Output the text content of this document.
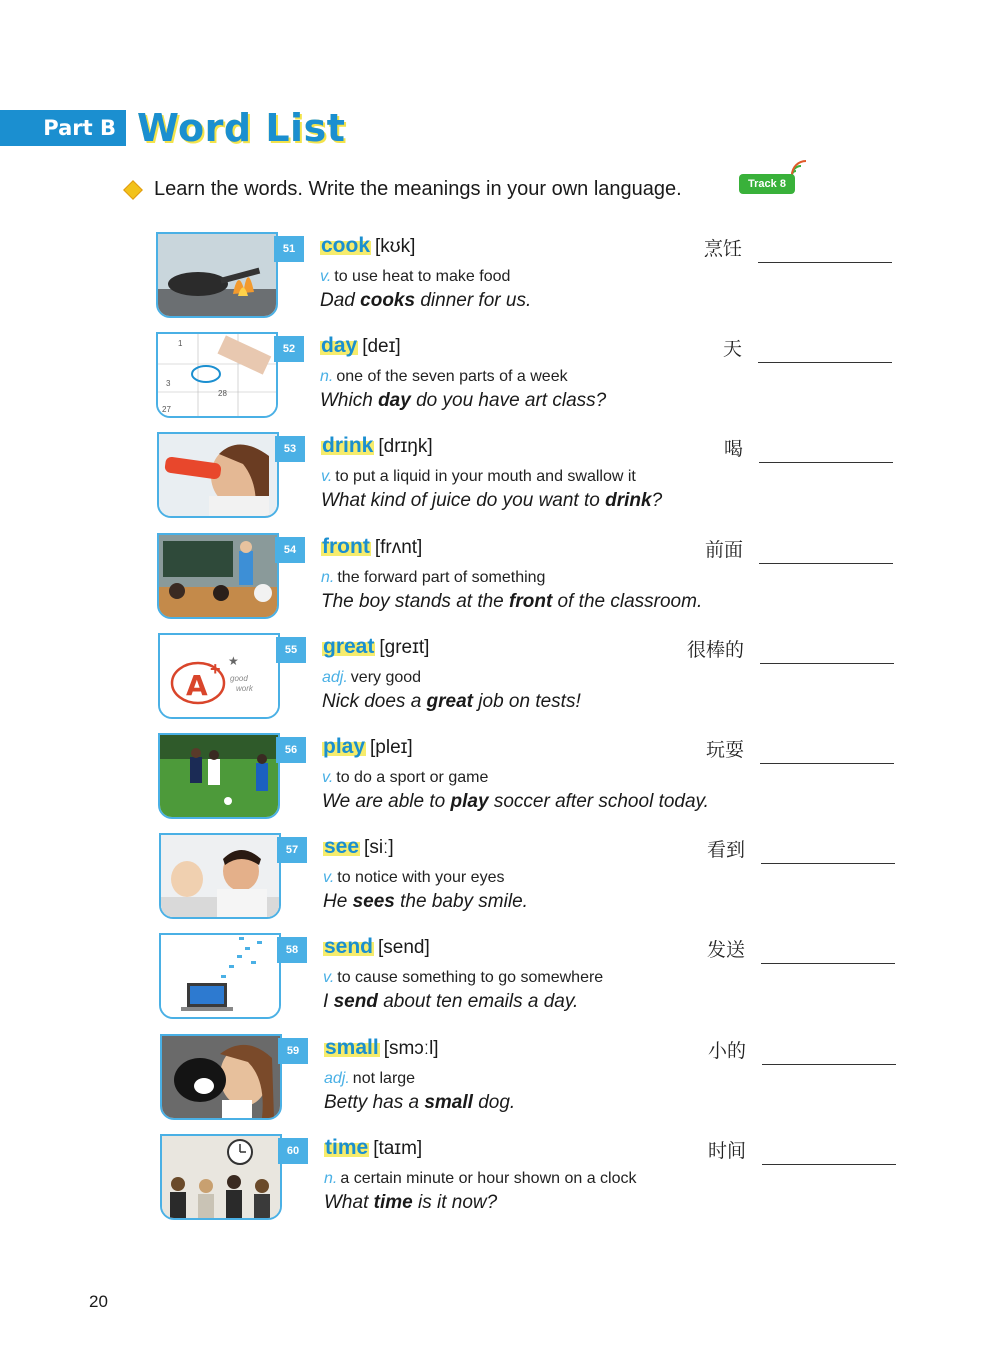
Part B Word List
Learn the words. Write the meanings in your own language.	Track 8
51	cook [kʊk]
v. to use heat to make food
Dad cooks dinner for us.
烹饪
1
3
28
27
52	day [deɪ]
n. one of the seven parts of a week
Which day do you have art class?
天
53	drink [drɪŋk]
v. to put a liquid in your mouth and swallow it
What kind of juice do you want to drink?
喝
54	front [frʌnt]
n. the forward part of something
The boy stands at the front of the classroom.
前面
A + ★
good
work
55	great [greɪt]
adj. very good
Nick does a great job on tests!
很棒的
56	play [pleɪ]
v. to do a sport or game
We are able to play soccer after school today.
玩耍
57	see [siː]
v. to notice with your eyes
He sees the baby smile.
看到
58	send [send]
v. to cause something to go somewhere
I send about ten emails a day.
发送
59	small [smɔːl]
adj. not large
Betty has a small dog.
小的
60	time [taɪm]
n. a certain minute or hour shown on a clock
What time is it now?
时间
20
